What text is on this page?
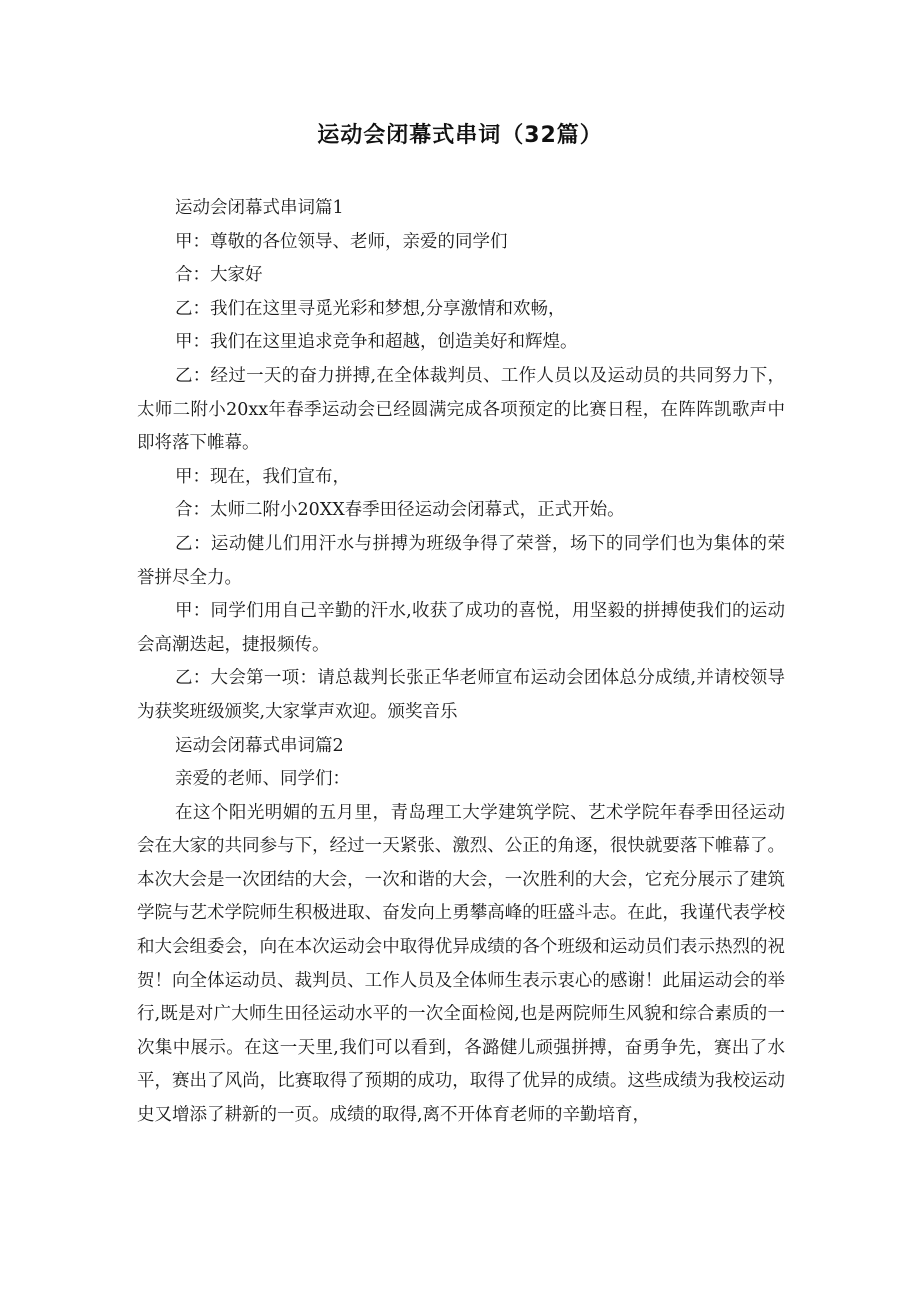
运动会闭幕式串词（32篇）

运动会闭幕式串词篇1

甲：尊敬的各位领导、老师，亲爱的同学们

合：大家好

乙：我们在这里寻觅光彩和梦想,分享激情和欢畅，

甲：我们在这里追求竞争和超越，创造美好和辉煌。

乙：经过一天的奋力拼搏,在全体裁判员、工作人员以及运动员的共同努力下，太师二附小20xx年春季运动会已经圆满完成各项预定的比赛日程，在阵阵凯歌声中即将落下帷幕。

甲：现在，我们宣布，

合：太师二附小20XX春季田径运动会闭幕式，正式开始。

乙：运动健儿们用汗水与拼搏为班级争得了荣誉，场下的同学们也为集体的荣誉拼尽全力。

甲：同学们用自己辛勤的汗水,收获了成功的喜悦，用坚毅的拼搏使我们的运动会高潮迭起，捷报频传。

乙：大会第一项：请总裁判长张正华老师宣布运动会团体总分成绩,并请校领导为获奖班级颁奖,大家掌声欢迎。颁奖音乐

运动会闭幕式串词篇2

亲爱的老师、同学们：

在这个阳光明媚的五月里，青岛理工大学建筑学院、艺术学院年春季田径运动会在大家的共同参与下，经过一天紧张、激烈、公正的角逐，很快就要落下帷幕了。本次大会是一次团结的大会，一次和谐的大会，一次胜利的大会，它充分展示了建筑学院与艺术学院师生积极进取、奋发向上勇攀高峰的旺盛斗志。在此，我谨代表学校和大会组委会，向在本次运动会中取得优异成绩的各个班级和运动员们表示热烈的祝贺！向全体运动员、裁判员、工作人员及全体师生表示衷心的感谢！此届运动会的举行,既是对广大师生田径运动水平的一次全面检阅,也是两院师生风貌和综合素质的一次集中展示。在这一天里,我们可以看到，各潞健儿顽强拼搏，奋勇争先，赛出了水平，赛出了风尚，比赛取得了预期的成功，取得了优异的成绩。这些成绩为我校运动史又增添了耕新的一页。成绩的取得,离不开体育老师的辛勤培育，
